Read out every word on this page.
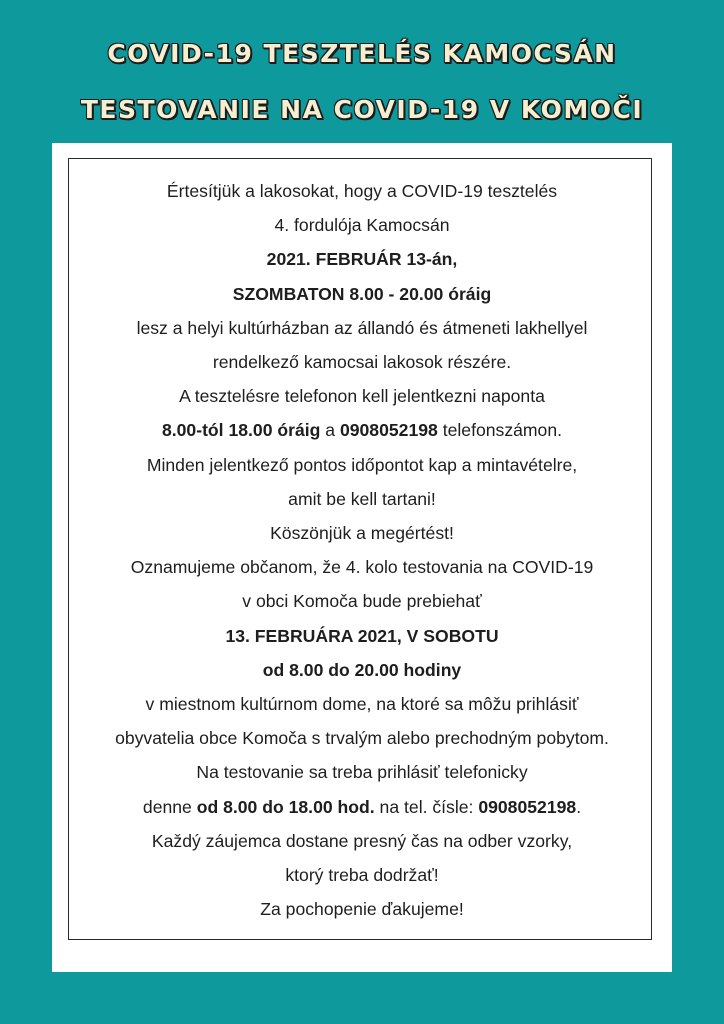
COVID-19 TESZTELÉS KAMOCSÁN
TESTOVANIE NA COVID-19 V KOMOČI
Értesítjük a lakosokat, hogy a COVID-19 tesztelés
4. fordulója Kamocsán
2021. FEBRUÁR 13-án,
SZOMBATON 8.00 - 20.00 óráig
lesz a helyi kultúrházban az állandó és átmeneti lakhellyel
rendelkező kamocsai lakosok részére.
A tesztelésre telefonon kell jelentkezni naponta
8.00-tól 18.00 óráig a 0908052198 telefonszámon.
Minden jelentkező pontos időpontot kap a mintavételre,
amit be kell tartani!
Köszönjük a megértést!
Oznamujeme občanom, že 4. kolo testovania na COVID-19
v obci Komoča bude prebiehať
13. FEBRUÁRA 2021, V SOBOTU
od 8.00 do 20.00 hodiny
v miestnom kultúrnom dome, na ktoré sa môžu prihlásiť
obyvatelia obce Komoča s trvalým alebo prechodným pobytom.
Na testovanie sa treba prihlásiť telefonicky
denne od 8.00 do 18.00 hod. na tel. čísle: 0908052198.
Každý záujemca dostane presný čas na odber vzorky,
ktorý treba dodržať!
Za pochopenie ďakujeme!
